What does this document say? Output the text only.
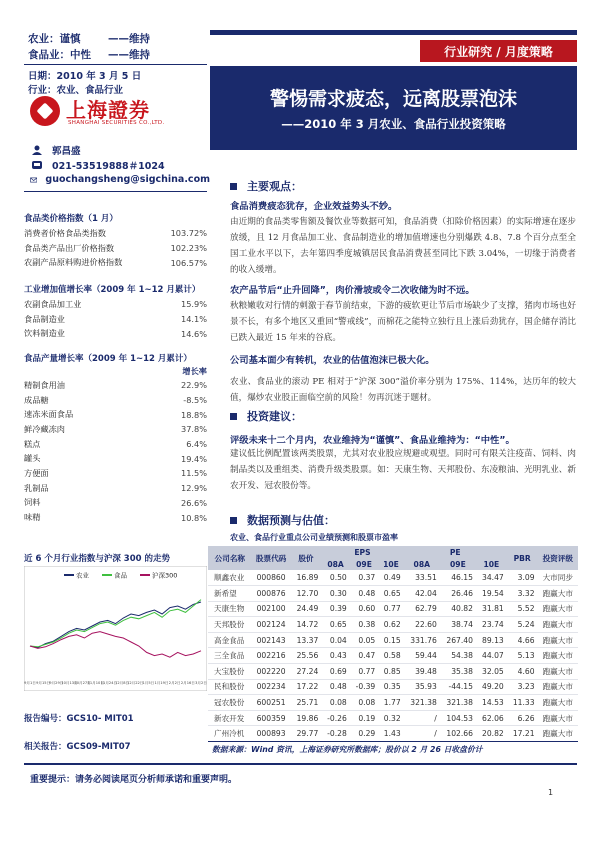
农业：谨慎	——维持
食品业：中性	——维持
日期：2010 年 3 月 5 日
行业：农业、食品行业
上海證券
SHANGHAI SECURITIES CO.,LTD.
行业研究 / 月度策略
警惕需求疲态，远离股票泡沫
——2010 年 3 月农业、食品行业投资策略
郭昌盛
021-53519888＃1024
guochangsheng@sigchina.com
食品类价格指数（1 月）
消费者价格食品类指数	103.72%
食品类产品出厂价格指数	102.23%
农副产品原料购进价格指数	106.57%
工业增加值增长率（2009 年 1~12 月累计）
农副食品加工业	15.9%
食品制造业	14.1%
饮料制造业	14.6%
食品产量增长率（2009 年 1~12 月累计）
增长率
精制食用油	22.9%
成品糖	-8.5%
速冻米面食品	18.8%
鲜冷藏冻肉	37.8%
糕点	6.4%
罐头	19.4%
方便面	11.5%
乳制品	12.9%
饲料	26.6%
味精	10.8%
近 6 个月行业指数与沪深 300 的走势
农业	食品	沪深300
9月1日 9月15日 9月29日
10月13日
10月27日
11月10日
11月24日
12月8日
12月22日 1月5日 1月19日 2月2日 2月16日 3月2日
报告编号：GCS10- MIT01
相关报告：GCS09-MIT07
主要观点：
食品消费疲态犹存，企业效益势头不妙。
由近期的食品类零售额及餐饮业等数据可知，食品消费（扣除价格因素）的实际增速在逐步放缓，且 12 月食品加工业、食品制造业的增加值增速也分别爆跌 4.8、7.8 个百分点至全国工业水平以下，去年第四季度城镇居民食品消费甚至同比下跌 3.04%，一切缘于消费者的收入缓增。
农产品节后“止升回降”，肉价滑坡或令二次收储为时不远。
秋粮嫩收对行情的刺激于春节前结束，下游的疲软更让节后市场缺少了支撑，猪肉市场也好景不长，有多个地区又重回“警戒线”，而棉花之能特立独行且上涨后劲犹存，国企储存消比已跌入最近 15 年来的谷底。
公司基本面少有转机，农业的估值泡沫已极大化。
农业、食品业的滚动 PE 相对于“沪深 300”溢价率分别为 175%、114%，达历年的较大值，爆炒农业股正面临空前的风险！勿再沉迷于题材。
投资建议：
评级未来十二个月内，农业维持为“谨慎”、食品业维持为：“中性”。
建议低比例配置该两类股票，尤其对农业股应规避或观望。同时可有限关注疫苗、饲料、肉制品类以及重组类、消费升级类股票。如：天康生物、天邦股份、东凌粮油、光明乳业、新农开发、冠农股份等。
数据预测与估值：
农业、食品行业重点公司业绩预测和股票市盈率
公司名称	股票代码	股价	EPS			PE			PBR	投资评级
			08A	09E	10E	08A	09E	10E		
顺鑫农业	000860	16.89	0.50	0.37	0.49	33.51	46.15	34.47	3.09	大市同步
新希望	000876	12.70	0.30	0.48	0.65	42.04	26.46	19.54	3.32	跑赢大市
天康生物	002100	24.49	0.39	0.60	0.77	62.79	40.82	31.81	5.52	跑赢大市
天邦股份	002124	14.72	0.65	0.38	0.62	22.60	38.74	23.74	5.24	跑赢大市
高金食品	002143	13.37	0.04	0.05	0.15	331.76	267.40	89.13	4.66	跑赢大市
三全食品	002216	25.56	0.43	0.47	0.58	59.44	54.38	44.07	5.13	跑赢大市
大宝股份	002220	27.24	0.69	0.77	0.85	39.48	35.38	32.05	4.60	跑赢大市
民和股份	002234	17.22	0.48	-0.39	0.35	35.93	-44.15	49.20	3.23	跑赢大市
冠农股份	600251	25.71	0.08	0.08	1.77	321.38	321.38	14.53	11.33	跑赢大市
新农开发	600359	19.86	-0.26	0.19	0.32	/	104.53	62.06	6.26	跑赢大市
广州冷机	000893	29.77	-0.28	0.29	1.43	/	102.66	20.82	17.21	跑赢大市
数据来源：Wind 资讯，上海证券研究所数据库；股价以 2 月 26 日收盘价计
重要提示：请务必阅读尾页分析师承诺和重要声明。
1
